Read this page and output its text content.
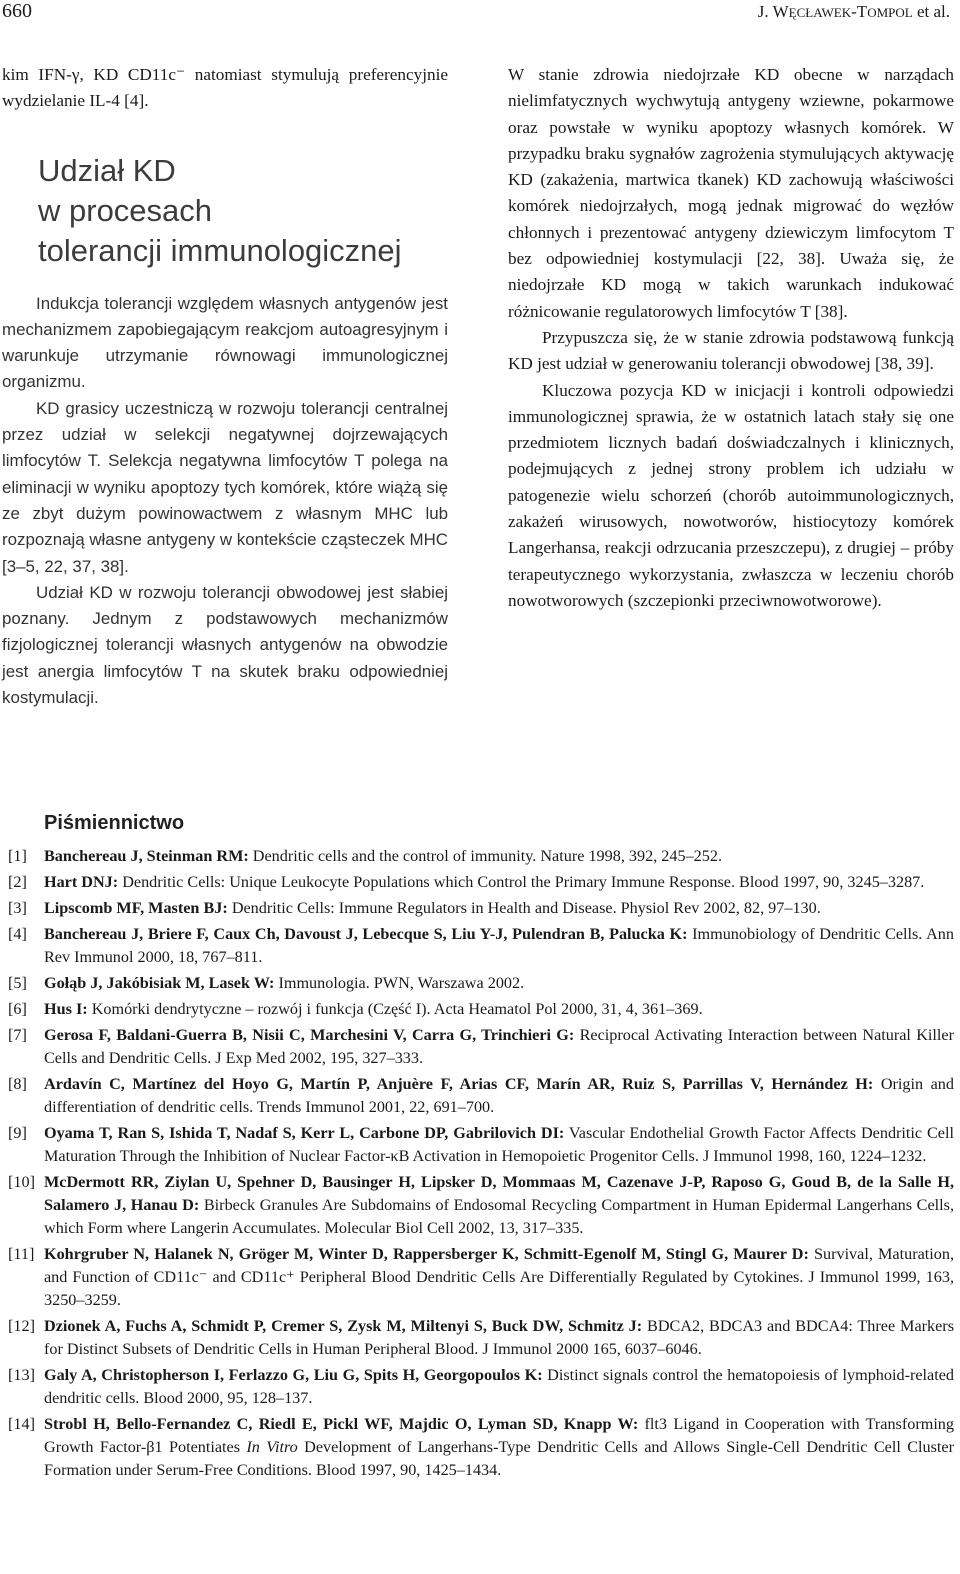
660	J. WĘCŁAWEK-TOMPOL et al.

kim IFN-γ, KD CD11c⁻ natomiast stymulują preferencyjnie wydzielanie IL-4 [4].

Udział KD
w procesach
tolerancji immunologicznej

Indukcja tolerancji względem własnych antygenów jest mechanizmem zapobiegającym reakcjom autoagresyjnym i warunkuje utrzymanie równowagi immunologicznej organizmu.

KD grasicy uczestniczą w rozwoju tolerancji centralnej przez udział w selekcji negatywnej dojrzewających limfocytów T. Selekcja negatywna limfocytów T polega na eliminacji w wyniku apoptozy tych komórek, które wiążą się ze zbyt dużym powinowactwem z własnym MHC lub rozpoznają własne antygeny w kontekście cząsteczek MHC [3–5, 22, 37, 38].

Udział KD w rozwoju tolerancji obwodowej jest słabiej poznany. Jednym z podstawowych mechanizmów fizjologicznej tolerancji własnych antygenów na obwodzie jest anergia limfocytów T na skutek braku odpowiedniej kostymulacji.

W stanie zdrowia niedojrzałe KD obecne w narządach nielimfatycznych wychwytują antygeny wziewne, pokarmowe oraz powstałe w wyniku apoptozy własnych komórek. W przypadku braku sygnałów zagrożenia stymulujących aktywację KD (zakażenia, martwica tkanek) KD zachowują właściwości komórek niedojrzałych, mogą jednak migrować do węzłów chłonnych i prezentować antygeny dziewiczym limfocytom T bez odpowiedniej kostymulacji [22, 38]. Uważa się, że niedojrzałe KD mogą w takich warunkach indukować różnicowanie regulatorowych limfocytów T [38].

Przypuszcza się, że w stanie zdrowia podstawową funkcją KD jest udział w generowaniu tolerancji obwodowej [38, 39].

Kluczowa pozycja KD w inicjacji i kontroli odpowiedzi immunologicznej sprawia, że w ostatnich latach stały się one przedmiotem licznych badań doświadczalnych i klinicznych, podejmujących z jednej strony problem ich udziału w patogenezie wielu schorzeń (chorób autoimmunologicznych, zakażeń wirusowych, nowotworów, histiocytozy komórek Langerhansa, reakcji odrzucania przeszczepu), z drugiej – próby terapeutycznego wykorzystania, zwłaszcza w leczeniu chorób nowotworowych (szczepionki przeciwnowotworowe).

Piśmiennictwo
[1] Banchereau J, Steinman RM: Dendritic cells and the control of immunity. Nature 1998, 392, 245–252.
[2] Hart DNJ: Dendritic Cells: Unique Leukocyte Populations which Control the Primary Immune Response. Blood 1997, 90, 3245–3287.
[3] Lipscomb MF, Masten BJ: Dendritic Cells: Immune Regulators in Health and Disease. Physiol Rev 2002, 82, 97–130.
[4] Banchereau J, Briere F, Caux Ch, Davoust J, Lebecque S, Liu Y-J, Pulendran B, Palucka K: Immunobiology of Dendritic Cells. Ann Rev Immunol 2000, 18, 767–811.
[5] Gołąb J, Jakóbisiak M, Lasek W: Immunologia. PWN, Warszawa 2002.
[6] Hus I: Komórki dendrytyczne – rozwój i funkcja (Część I). Acta Heamatol Pol 2000, 31, 4, 361–369.
[7] Gerosa F, Baldani-Guerra B, Nisii C, Marchesini V, Carra G, Trinchieri G: Reciprocal Activating Interaction between Natural Killer Cells and Dendritic Cells. J Exp Med 2002, 195, 327–333.
[8] Ardavín C, Martínez del Hoyo G, Martín P, Anjuère F, Arias CF, Marín AR, Ruiz S, Parrillas V, Hernández H: Origin and differentiation of dendritic cells. Trends Immunol 2001, 22, 691–700.
[9] Oyama T, Ran S, Ishida T, Nadaf S, Kerr L, Carbone DP, Gabrilovich DI: Vascular Endothelial Growth Factor Affects Dendritic Cell Maturation Through the Inhibition of Nuclear Factor-κB Activation in Hemopoietic Progenitor Cells. J Immunol 1998, 160, 1224–1232.
[10] McDermott RR, Ziylan U, Spehner D, Bausinger H, Lipsker D, Mommaas M, Cazenave J-P, Raposo G, Goud B, de la Salle H, Salamero J, Hanau D: Birbeck Granules Are Subdomains of Endosomal Recycling Compartment in Human Epidermal Langerhans Cells, which Form where Langerin Accumulates. Molecular Biol Cell 2002, 13, 317–335.
[11] Kohrgruber N, Halanek N, Gröger M, Winter D, Rappersberger K, Schmitt-Egenolf M, Stingl G, Maurer D: Survival, Maturation, and Function of CD11c⁻ and CD11c⁺ Peripheral Blood Dendritic Cells Are Differentially Regulated by Cytokines. J Immunol 1999, 163, 3250–3259.
[12] Dzionek A, Fuchs A, Schmidt P, Cremer S, Zysk M, Miltenyi S, Buck DW, Schmitz J: BDCA2, BDCA3 and BDCA4: Three Markers for Distinct Subsets of Dendritic Cells in Human Peripheral Blood. J Immunol 2000 165, 6037–6046.
[13] Galy A, Christopherson I, Ferlazzo G, Liu G, Spits H, Georgopoulos K: Distinct signals control the hematopoiesis of lymphoid-related dendritic cells. Blood 2000, 95, 128–137.
[14] Strobl H, Bello-Fernandez C, Riedl E, Pickl WF, Majdic O, Lyman SD, Knapp W: flt3 Ligand in Cooperation with Transforming Growth Factor-β1 Potentiates In Vitro Development of Langerhans-Type Dendritic Cells and Allows Single-Cell Dendritic Cell Cluster Formation under Serum-Free Conditions. Blood 1997, 90, 1425–1434.
